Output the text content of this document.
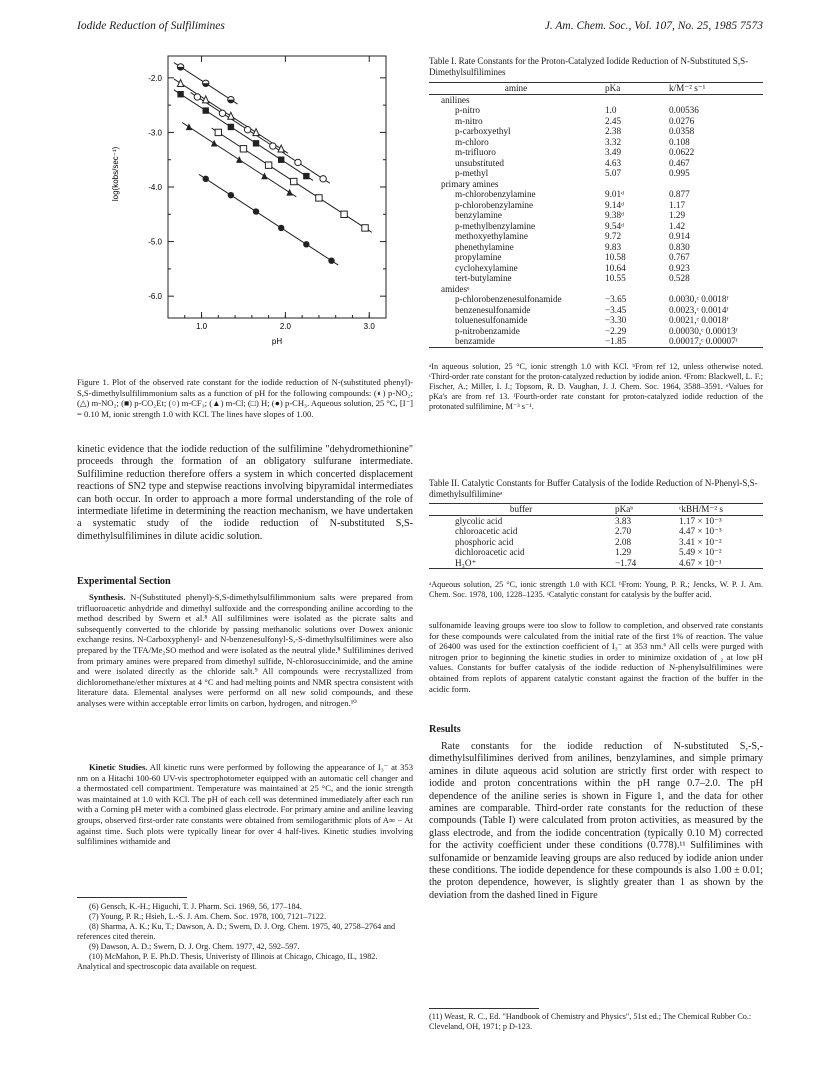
Iodide Reduction of Sulfilimines	J. Am. Chem. Soc., Vol. 107, No. 25, 1985 7573
-2.0
-3.0
-4.0
-5.0
-6.0
1.0	2.0	3.0
pH
log(kobs/sec⁻¹)
Figure 1. Plot of the observed rate constant for the iodide reduction of N-(substituted phenyl)-S,S-dimethylsulfilimmonium salts as a function of pH for the following compounds: (◐) p-NO₂; (△) m-NO₂; (■) p-CO₂Et; (○) m-CF₃; (▲) m-Cl; (□) H; (●) p-CH₃. Aqueous solution, 25 °C, [I⁻] = 0.10 M, ionic strength 1.0 with KCl. The lines have slopes of 1.00.
kinetic evidence that the iodide reduction of the sulfilimine "dehydromethionine" proceeds through the formation of an obligatory sulfurane intermediate. Sulfilimine reduction therefore offers a system in which concerted displacement reactions of SN2 type and stepwise reactions involving bipyramidal intermediates can both occur. In order to approach a more formal understanding of the role of intermediate lifetime in determining the reaction mechanism, we have undertaken a systematic study of the iodide reduction of N-substituted S,S-dimethylsulfilimines in dilute acidic solution.
Experimental Section
Synthesis. N-(Substituted phenyl)-S,S-dimethylsulfilimmonium salts were prepared from trifluoroacetic anhydride and dimethyl sulfoxide and the corresponding aniline according to the method described by Swern et al.⁸ All sulfilimines were isolated as the picrate salts and subsequently converted to the chloride by passing methanolic solutions over Dowex anionic exchange resins. N-Carboxyphenyl- and N-benzenesulfonyl-S,-S-dimethylsulfilimines were also prepared by the TFA/Me₂SO method and were isolated as the neutral ylide.⁸ Sulfilimines derived from primary amines were prepared from dimethyl sulfide, N-chlorosuccinimide, and the amine and were isolated directly as the chloride salt.⁹ All compounds were recrystallized from dichloromethane/ether mixtures at 4 °C and had melting points and NMR spectra consistent with literature data. Elemental analyses were performd on all new solid compounds, and these analyses were within acceptable error limits on carbon, hydrogen, and nitrogen.¹⁰
Kinetic Studies. All kinetic runs were performed by following the appearance of I₃⁻ at 353 nm on a Hitachi 100-60 UV-vis spectrophotometer equipped with an automatic cell changer and a thermostated cell compartment. Temperature was maintained at 25 °C, and the ionic strength was maintained at 1.0 with KCl. The pH of each cell was determined immediately after each run with a Corning pH meter with a combined glass electrode. For primary amine and aniline leaving groups, observed first-order rate constants were obtained from semilogarithmic plots of A∞ − At against time. Such plots were typically linear for over 4 half-lives. Kinetic studies involving sulfilimines withamide and
(6) Gensch, K.-H.; Higuchi, T. J. Pharm. Sci. 1969, 56, 177–184.
(7) Young, P. R.; Hsieh, L.-S. J. Am. Chem. Soc. 1978, 100, 7121–7122.
(8) Sharma, A. K.; Ku, T.; Dawson, A. D.; Swern, D. J. Org. Chem. 1975, 40, 2758–2764 and references cited therein.
(9) Dawson, A. D.; Swern, D. J. Org. Chem. 1977, 42, 592–597.
(10) McMahon, P. E. Ph.D. Thesis, Univeristy of Illinois at Chicago, Chicago, IL, 1982. Analytical and spectroscopic data available on request.
Table I. Rate Constants for the Proton-Catalyzed Iodide Reduction of N-Substituted S,S-Dimethylsulfilimines
amine	pKa	k/M⁻² s⁻¹
anilines		
p-nitro	1.0	0.00536
m-nitro	2.45	0.0276
p-carboxyethyl	2.38	0.0358
m-chloro	3.32	0.108
m-trifluoro	3.49	0.0622
unsubstituted	4.63	0.467
p-methyl	5.07	0.995
primary amines		
m-chlorobenzylamine	9.01ᵈ	0.877
p-chlorobenzylamine	9.14ᵈ	1.17
benzylamine	9.38ᵈ	1.29
p-methylbenzylamine	9.54ᵈ	1.42
methoxyethylamine	9.72	0.914
phenethylamine	9.83	0.830
propylamine	10.58	0.767
cyclohexylamine	10.64	0.923
tert-butylamine	10.55	0.528
amidesᵉ		
p-chlorobenzenesulfonamide	−3.65	0.0030,ᶜ 0.0018ᶠ
benzenesulfonamide	−3.45	0.0023,ᶜ 0.0014ᶠ
toluenesulfonamide	−3.30	0.0021,ᶜ 0.0018ᶠ
p-nitrobenzamide	−2.29	0.00030,ᶜ 0.00013ᶠ
benzamide	−1.85	0.00017,ᶜ 0.00007ᶠ
ᵃIn aqueous solution, 25 °C, ionic strength 1.0 with KCl. ᵇFrom ref 12, unless otherwise noted. ᶜThird-order rate constant for the proton-catalyzed reduction by iodide anion. ᵈFrom: Blackwell, L. F.; Fischer, A.; Miller, I. J.; Topsom, R. D. Vaughan, J. J. Chem. Soc. 1964, 3588–3591. ᵉValues for pKa's are from ref 13. ᶠFourth-order rate constant for proton-catalyzed iodide reduction of the protonated sulfilimine, M⁻³ s⁻¹.
Table II. Catalytic Constants for Buffer Catalysis of the Iodide Reduction of N-Phenyl-S,S-dimethylsulfilimineᵃ
buffer	pKaᵇ	ᶜkBH/M⁻² s
glycolic acid	3.83	1.17 × 10⁻³
chloroacetic acid	2.70	4.47 × 10⁻³
phosphoric acid	2.08	3.41 × 10⁻²
dichloroacetic acid	1.29	5.49 × 10⁻²
H₃O⁺	−1.74	4.67 × 10⁻¹
ᵃAqueous solution, 25 °C, ionic strength 1.0 with KCl. ᵇFrom: Young, P. R.; Jencks, W. P. J. Am. Chem. Soc. 1978, 100, 1228–1235. ᶜCatalytic constant for catalysis by the buffer acid.
sulfonamide leaving groups were too slow to follow to completion, and observed rate constants for these compounds were calculated from the initial rate of the first 1% of reaction. The value of 26400 was used for the extinction coefficient of I₃⁻ at 353 nm.⁶ All cells were purged with nitrogen prior to beginning the kinetic studies in order to minimize oxidation of ₂ at low pH values. Constants for buffer catalysis of the iodide reduction of N-phenylsulfilimines were obtained from replots of apparent catalytic constant against the fraction of the buffer in the acidic form.
Results
Rate constants for the iodide reduction of N-substituted S,-S,-dimethylsulfilimines derived from anilines, benzylamines, and simple primary amines in dilute aqueous acid solution are strictly first order with respect to iodide and proton concentrations within the pH range 0.7–2.0. The pH dependence of the aniline series is shown in Figure 1, and the data for other amines are comparable. Third-order rate constants for the reduction of these compounds (Table I) were calculated from proton activities, as measured by the glass electrode, and from the iodide concentration (typically 0.10 M) corrected for the activity coefficient under these conditions (0.778).¹¹ Sulfilimines with sulfonamide or benzamide leaving groups are also reduced by iodide anion under these conditions. The iodide dependence for these compounds is also 1.00 ± 0.01; the proton dependence, however, is slightly greater than 1 as shown by the deviation from the dashed lined in Figure
(11) Weast, R. C., Ed. "Handbook of Chemistry and Physics", 51st ed.; The Chemical Rubber Co.: Cleveland, OH, 1971; p D-123.
